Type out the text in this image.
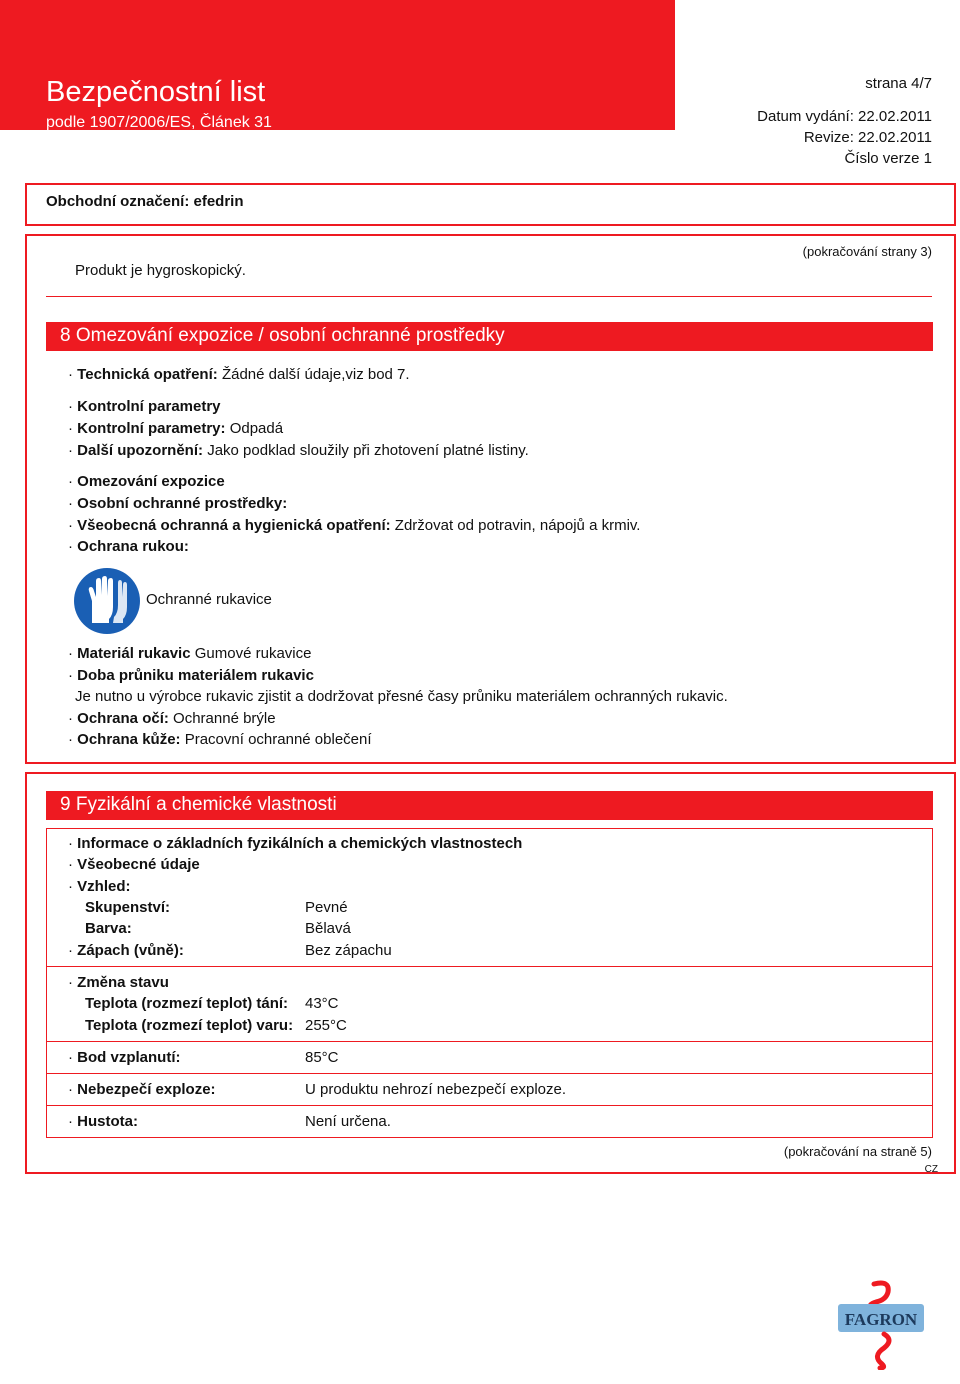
Bezpečnostní list
podle 1907/2006/ES, Článek 31
strana 4/7
Datum vydání: 22.02.2011
Revize: 22.02.2011
Číslo verze 1
Obchodní označení: efedrin
(pokračování strany 3)
Produkt je hygroskopický.
8 Omezování expozice / osobní ochranné prostředky
· Technická opatření: Žádné další údaje,viz bod 7.
· Kontrolní parametry
· Kontrolní parametry: Odpadá
· Další upozornění: Jako podklad sloužily při zhotovení platné listiny.
· Omezování expozice
· Osobní ochranné prostředky:
· Všeobecná ochranná a hygienická opatření: Zdržovat od potravin, nápojů a krmiv.
· Ochrana rukou:
Ochranné rukavice
· Materiál rukavic Gumové rukavice
· Doba průniku materiálem rukavic
Je nutno u výrobce rukavic zjistit a dodržovat přesné časy průniku materiálem ochranných rukavic.
· Ochrana očí: Ochranné brýle
· Ochrana kůže: Pracovní ochranné oblečení
9 Fyzikální a chemické vlastnosti
· Informace o základních fyzikálních a chemických vlastnostech
· Všeobecné údaje
· Vzhled:
Skupenství:	Pevné
Barva:	Bělavá
· Zápach (vůně):	Bez zápachu
· Změna stavu
Teplota (rozmezí teplot) tání: 43°C
Teplota (rozmezí teplot) varu: 255°C
· Bod vzplanutí:	85°C
· Nebezpečí exploze:	U produktu nehrozí nebezpečí exploze.
· Hustota:	Není určena.
(pokračování na straně 5)
CZ
FAGRON
